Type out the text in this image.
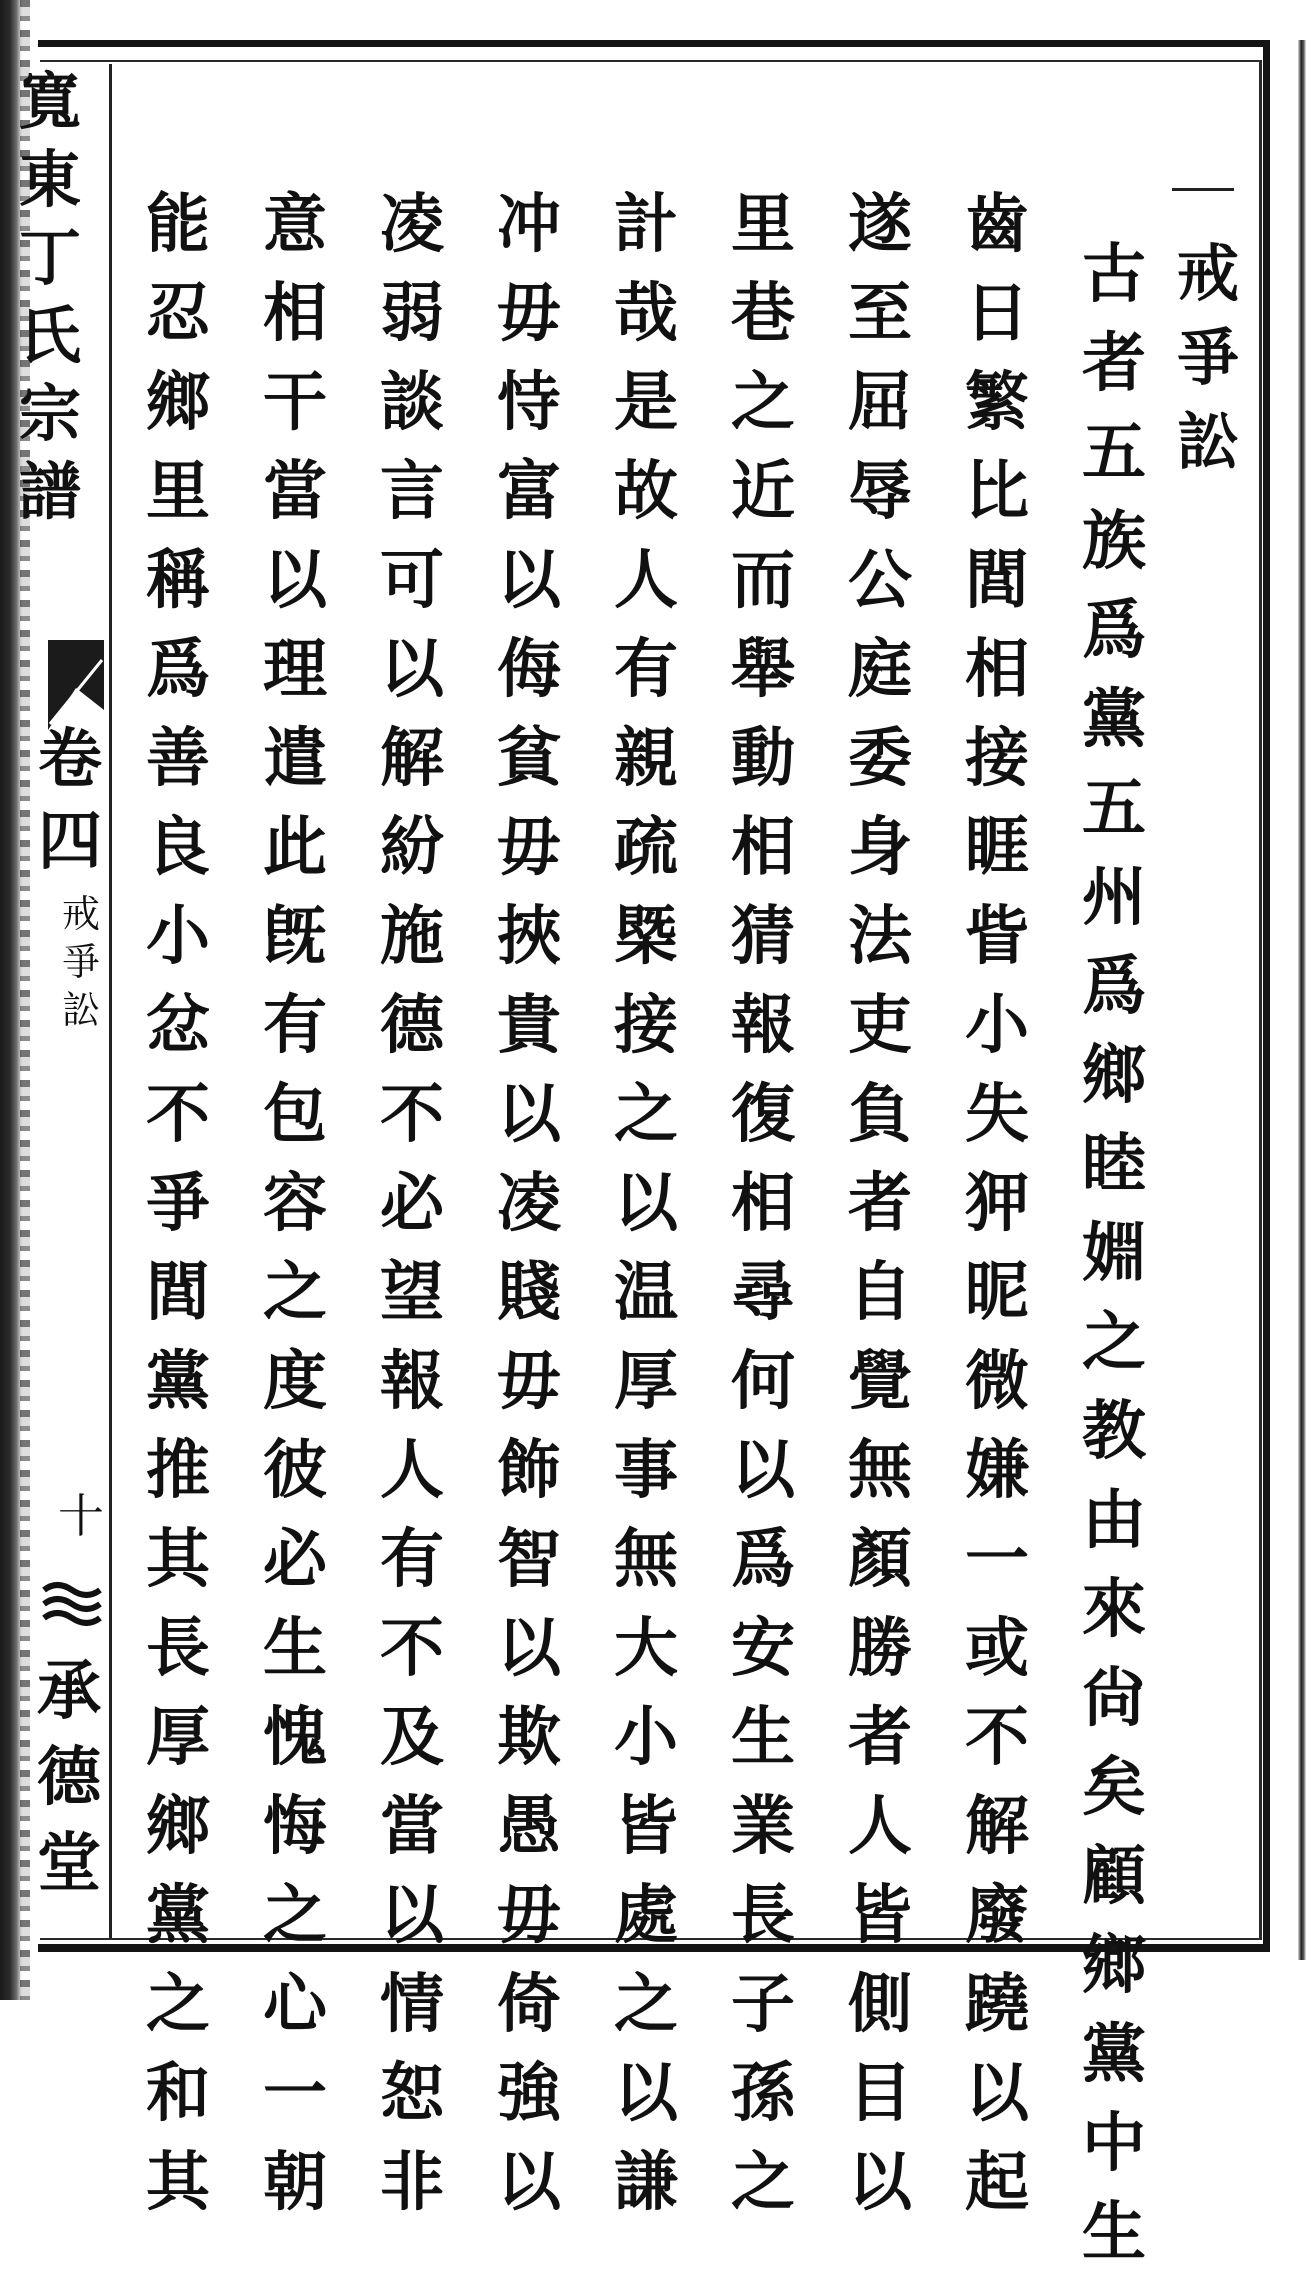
寬
東
丁
氏
宗
譜
卷
四
戒
爭
訟
十
承
德
堂
戒
爭
訟
古
者
五
族
爲
黨
五
州
爲
鄉
睦
婣
之
教
由
來
尙
矣
顧
鄉
黨
中
生
齒
日
繁
比
閭
相
接
睚
眥
小
失
狎
昵
微
嫌
一
或
不
解
廢
蹺
以
起
遂
至
屈
辱
公
庭
委
身
法
吏
負
者
自
覺
無
顏
勝
者
人
皆
側
目
以
里
巷
之
近
而
舉
動
相
猜
報
復
相
尋
何
以
爲
安
生
業
長
子
孫
之
計
哉
是
故
人
有
親
疏
槩
接
之
以
温
厚
事
無
大
小
皆
處
之
以
謙
冲
毋
恃
富
以
侮
貧
毋
挾
貴
以
凌
賤
毋
飾
智
以
欺
愚
毋
倚
強
以
凌
弱
談
言
可
以
解
紛
施
德
不
必
望
報
人
有
不
及
當
以
情
恕
非
意
相
干
當
以
理
遣
此
旣
有
包
容
之
度
彼
必
生
愧
悔
之
心
一
朝
能
忍
鄉
里
稱
爲
善
良
小
忿
不
爭
閭
黨
推
其
長
厚
鄉
黨
之
和
其
